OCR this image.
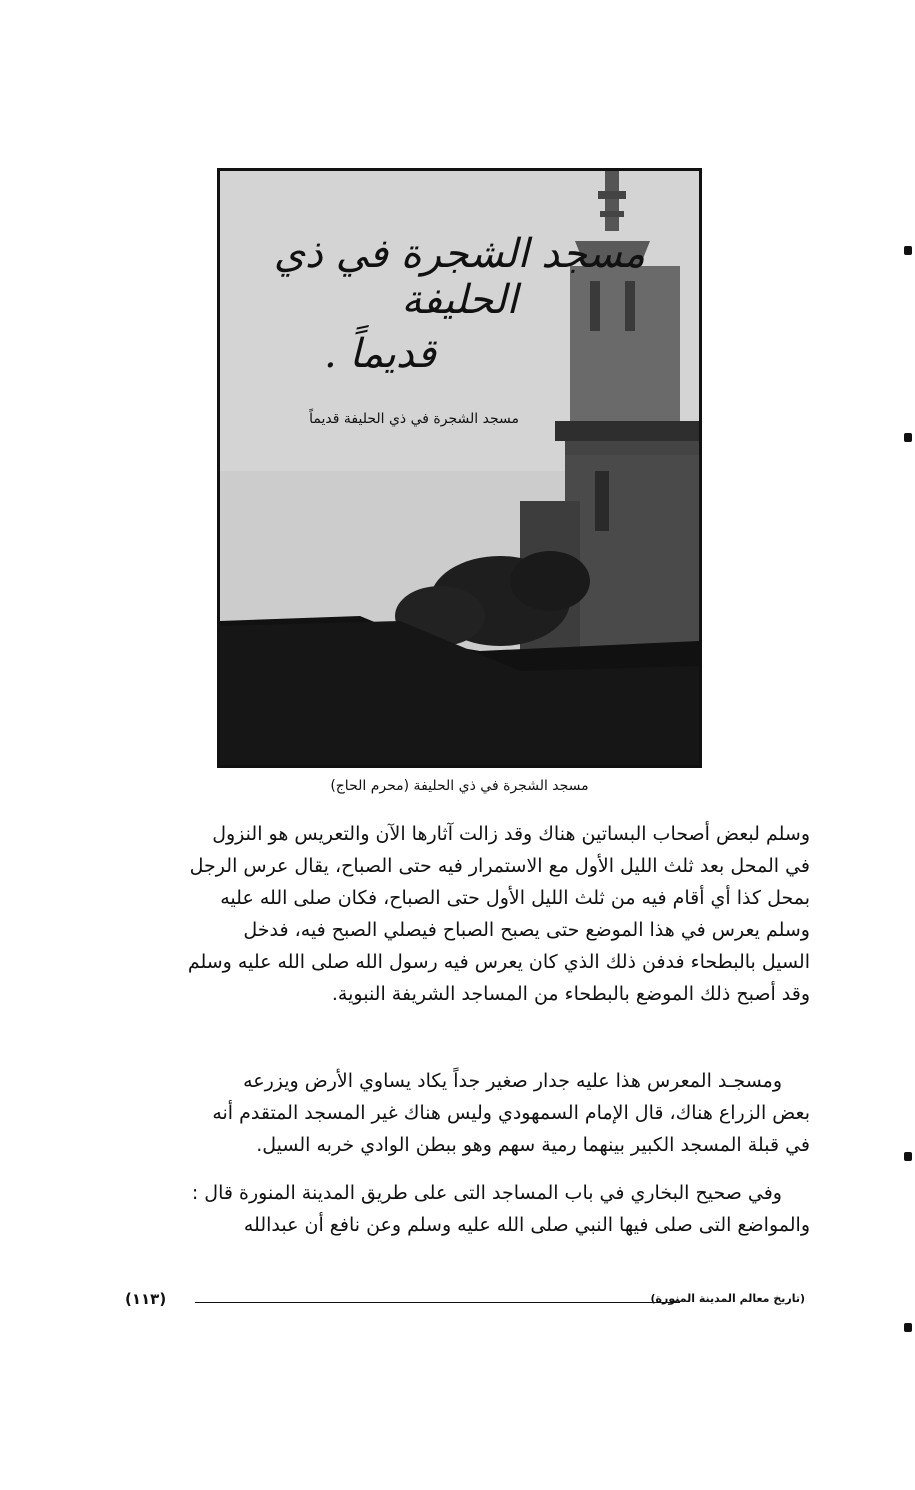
مسجد الشجرة في ذي الحليفة
قديماً .
مسجد الشجرة في ذي الحليفة قديماً
مسجد الشجرة في ذي الحليفة (محرم الحاج)

وسلم لبعض أصحاب البساتين هناك وقد زالت آثارها الآن والتعريس هو النزول

في المحل بعد ثلث الليل الأول مع الاستمرار فيه حتى الصباح، يقال عرس الرجل

بمحل كذا أي أقام فيه من ثلث الليل الأول حتى الصباح، فكان صلى الله عليه

وسلم يعرس في هذا الموضع حتى يصبح الصباح فيصلي الصبح فيه، فدخل

السيل بالبطحاء فدفن ذلك الذي كان يعرس فيه رسول الله صلى الله عليه وسلم

وقد أصبح ذلك الموضع بالبطحاء من المساجد الشريفة النبوية.

ومسجـد المعرس هذا عليه جدار صغير جداً يكاد يساوي الأرض ويزرعه

بعض الزراع هناك، قال الإمام السمهودي وليس هناك غير المسجد المتقدم أنه

في قبلة المسجد الكبير بينهما رمية سهم وهو ببطن الوادي خربه السيل.

وفي صحيح البخاري في باب المساجد التى على طريق المدينة المنورة قال :

والمواضع التى صلى فيها النبي صلى الله عليه وسلم وعن نافع أن عبدالله

(تاريخ معالم المدينة المنورة)
(١١٣)
